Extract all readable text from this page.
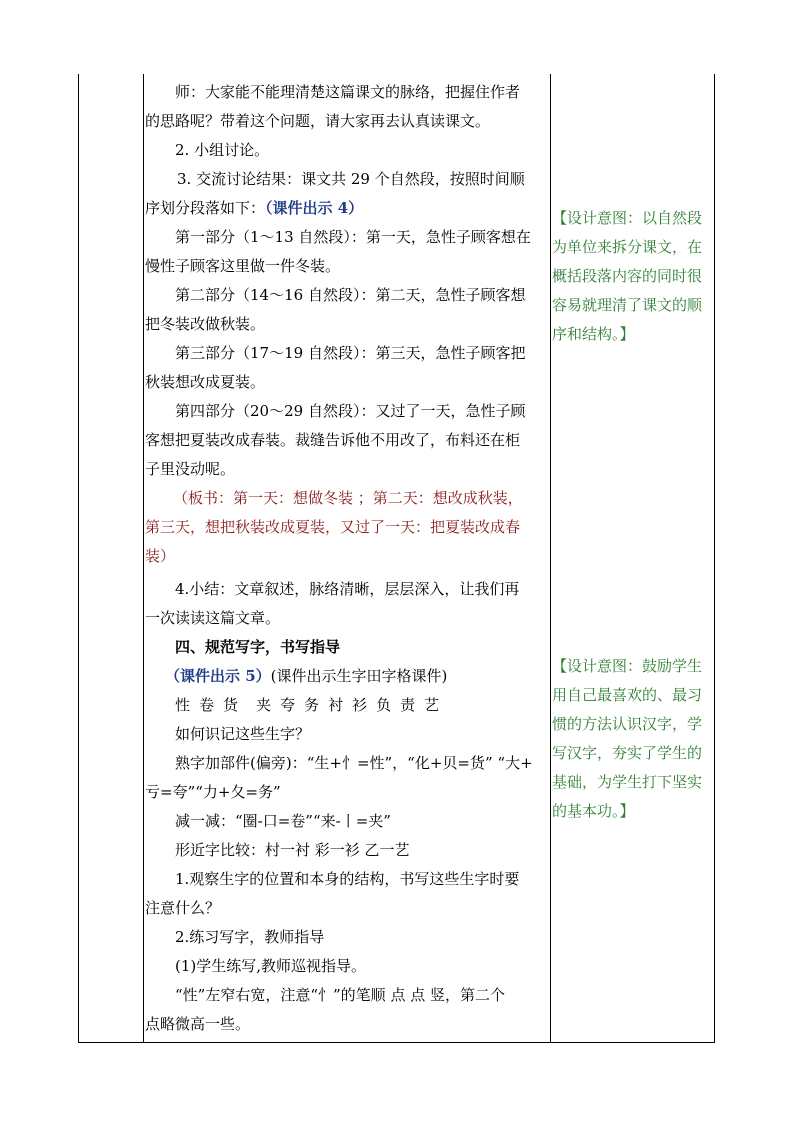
师：大家能不能理清楚这篇课文的脉络，把握住作者

的思路呢？带着这个问题，请大家再去认真读课文。

2. 小组讨论。

3. 交流讨论结果：课文共 29 个自然段，按照时间顺

序划分段落如下：（课件出示 4）

第一部分（1～13 自然段）：第一天，急性子顾客想在

慢性子顾客这里做一件冬装。

第二部分（14～16 自然段）：第二天，急性子顾客想

把冬装改做秋装。

第三部分（17～19 自然段）：第三天，急性子顾客把

秋装想改成夏装。

第四部分（20～29 自然段）：又过了一天，急性子顾

客想把夏装改成春装。裁缝告诉他不用改了，布料还在柜

子里没动呢。

（板书：第一天：想做冬装 ；第二天：想改成秋装，

第三天，想把秋装改成夏装，又过了一天：把夏装改成春

装）

4.小结：文章叙述，脉络清晰，层层深入，让我们再

一次读读这篇文章。

四、规范写字，书写指导

（课件出示 5）(课件出示生字田字格课件)

性 卷 货 夹 夸 务 衬 衫 负 责 艺

如何识记这些生字？

熟字加部件(偏旁)：“生+忄=性”，“化+贝=货” “大+

亏=夸”“力+夂=务”

减一减：“圈-口=卷”“来-丨=夹”

形近字比较：村一衬 彩一衫 乙一艺

1.观察生字的位置和本身的结构，书写这些生字时要

注意什么？

2.练习写字，教师指导

(1)学生练写,教师巡视指导。

“性”左窄右宽，注意“忄”的笔顺 点 点 竖，第二个

点略微高一些。

【设计意图：以自然段

为单位来拆分课文，在

概括段落内容的同时很

容易就理清了课文的顺

序和结构。】

【设计意图：鼓励学生

用自己最喜欢的、最习

惯的方法认识汉字，学

写汉字，夯实了学生的

基础，为学生打下坚实

的基本功。】
